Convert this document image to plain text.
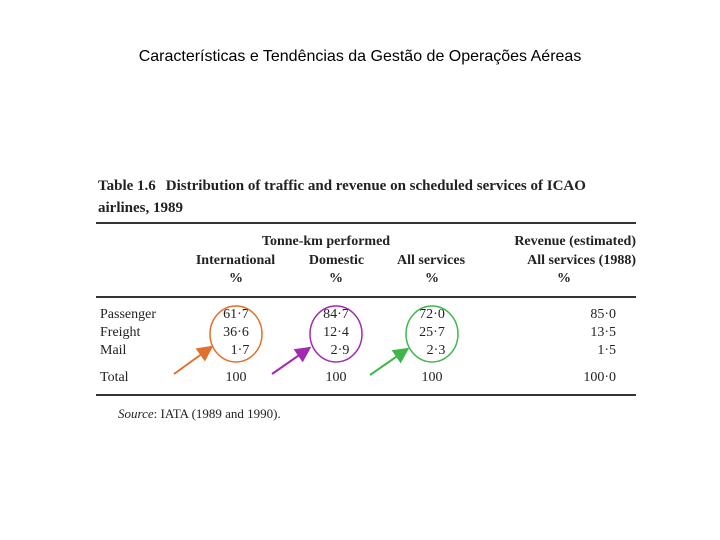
Características e Tendências da Gestão de Operações Aéreas
Table 1.6 Distribution of traffic and revenue on scheduled services of ICAO
airlines, 1989
Tonne-km performed	Revenue (estimated)
International	Domestic	All services	All services (1988)
%	%	%	%
Passenger	61·7	84·7	72·0	85·0
Freight	36·6	12·4	25·7	13·5
Mail	1·7	2·9	2·3	1·5
Total	100	100	100	100·0
Source: IATA (1989 and 1990).
